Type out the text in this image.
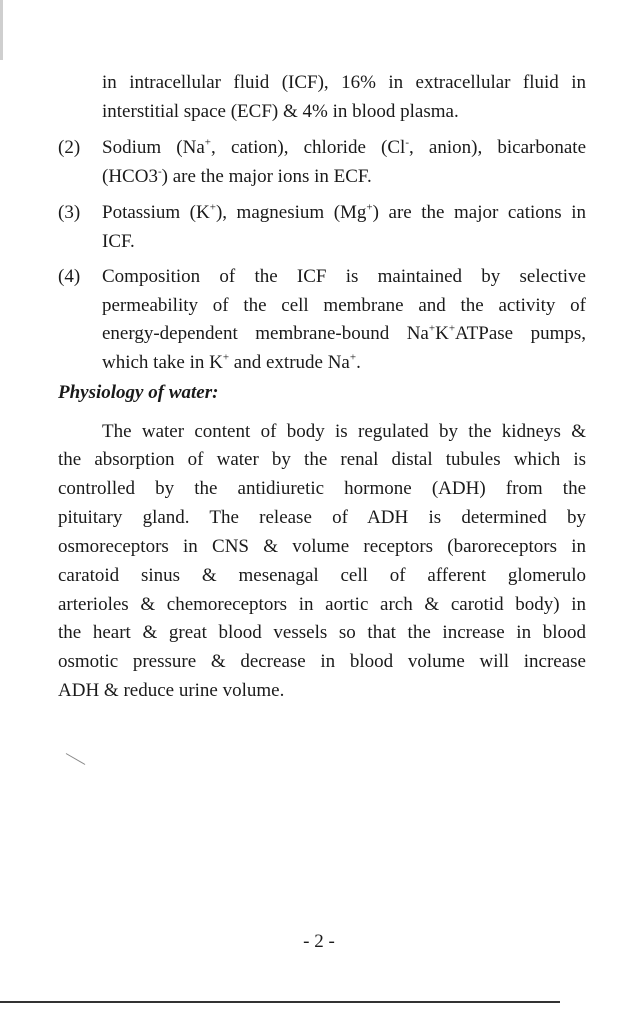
in intracellular fluid (ICF), 16% in extracellular fluid in
interstitial space (ECF) & 4% in blood plasma.
(2) Sodium (Na+, cation), chloride (Cl-, anion), bicarbonate
(HCO3-) are the major ions in ECF.
(3) Potassium (K+), magnesium (Mg+) are the major cations in
ICF.
(4) Composition of the ICF is maintained by selective
permeability of the cell membrane and the activity of
energy-dependent membrane-bound Na+K+ATPase pumps,
which take in K+ and extrude Na+.
Physiology of water:
The water content of body is regulated by the kidneys &
the absorption of water by the renal distal tubules which is
controlled by the antidiuretic hormone (ADH) from the
pituitary gland. The release of ADH is determined by
osmoreceptors in CNS & volume receptors (baroreceptors in
caratoid sinus & mesenagal cell of afferent glomerulo
arterioles & chemoreceptors in aortic arch & carotid body) in
the heart & great blood vessels so that the increase in blood
osmotic pressure & decrease in blood volume will increase
ADH & reduce urine volume.
- 2 -
